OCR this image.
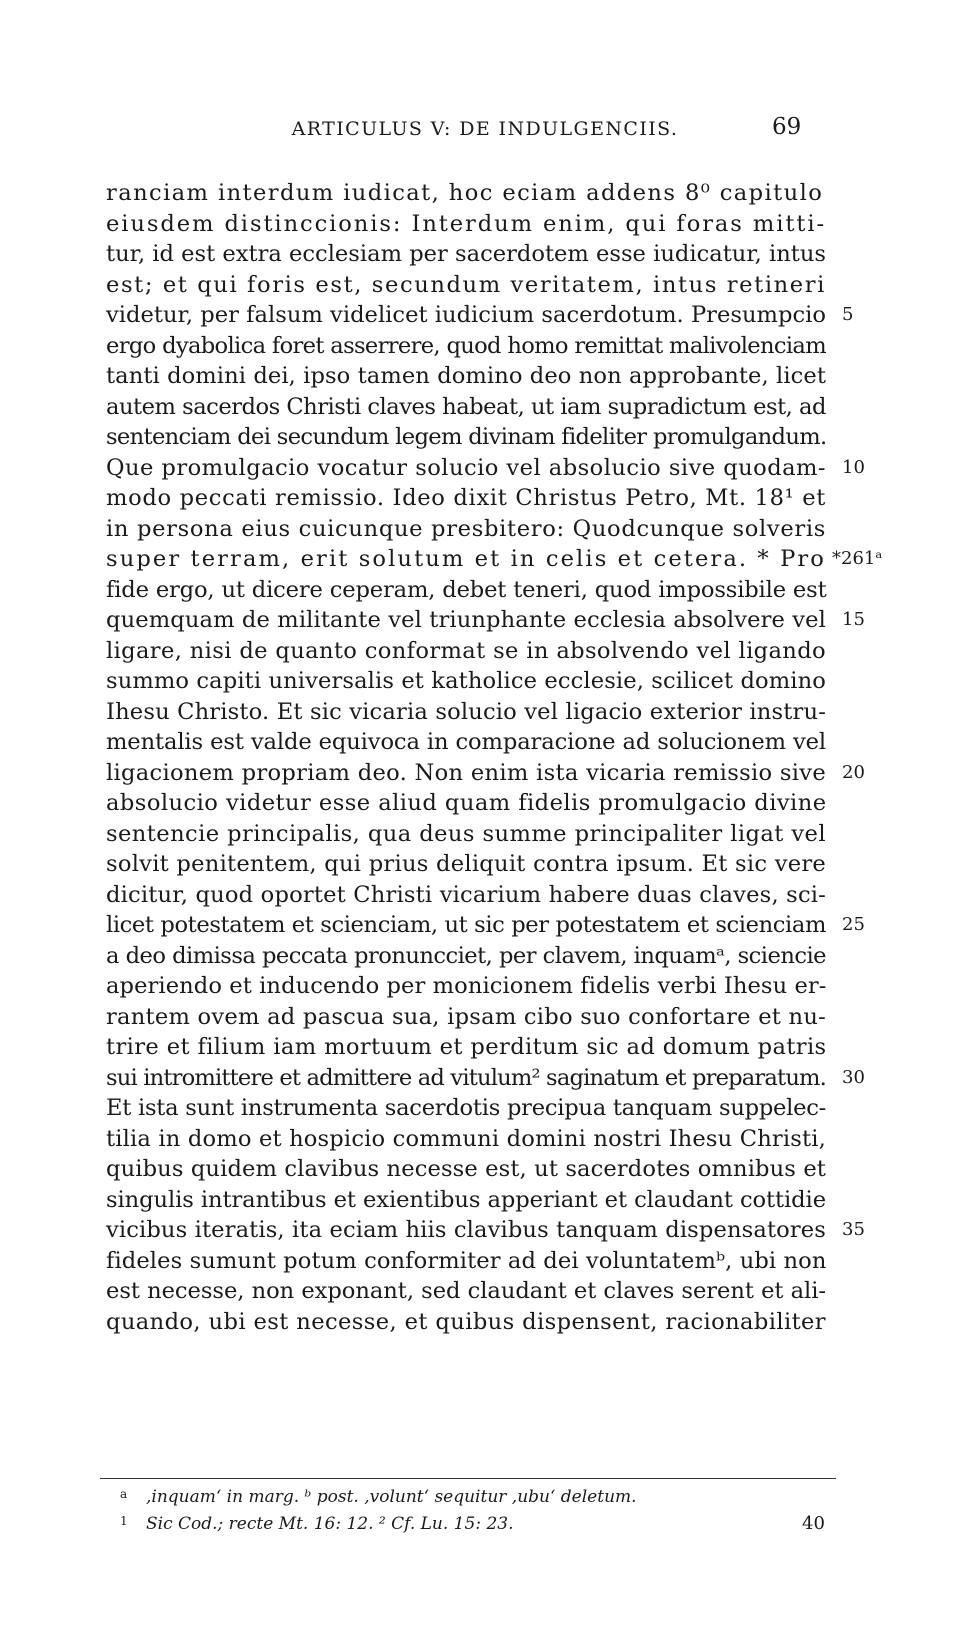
ARTICULUS V: DE INDULGENCIIS.	69
ranciam interdum iudicat, hoc eciam addens 8⁰ capitulo
eiusdem distinccionis: Interdum enim, qui foras mitti-
tur, id est extra ecclesiam per sacerdotem esse iudicatur, intus
est; et qui foris est, secundum veritatem, intus retineri
videtur, per falsum videlicet iudicium sacerdotum. Presumpcio 5
ergo dyabolica foret asserrere, quod homo remittat malivolenciam
tanti domini dei, ipso tamen domino deo non approbante, licet
autem sacerdos Christi claves habeat, ut iam supradictum est, ad
sentenciam dei secundum legem divinam fideliter promulgandum.
Que promulgacio vocatur solucio vel absolucio sive quodam- 10
modo peccati remissio. Ideo dixit Christus Petro, Mt. 18¹ et
in persona eius cuicunque presbitero: Quodcunque solveris
super terram, erit solutum et in celis et cetera. * Pro *261ᵃ
fide ergo, ut dicere ceperam, debet teneri, quod impossibile est
quemquam de militante vel triunphante ecclesia absolvere vel 15
ligare, nisi de quanto conformat se in absolvendo vel ligando
summo capiti universalis et katholice ecclesie, scilicet domino
Ihesu Christo. Et sic vicaria solucio vel ligacio exterior instru-
mentalis est valde equivoca in comparacione ad solucionem vel
ligacionem propriam deo. Non enim ista vicaria remissio sive 20
absolucio videtur esse aliud quam fidelis promulgacio divine
sentencie principalis, qua deus summe principaliter ligat vel
solvit penitentem, qui prius deliquit contra ipsum. Et sic vere
dicitur, quod oportet Christi vicarium habere duas claves, sci-
licet potestatem et scienciam, ut sic per potestatem et scienciam 25
a deo dimissa peccata pronuncciet, per clavem, inquamᵃ, sciencie
aperiendo et inducendo per monicionem fidelis verbi Ihesu er-
rantem ovem ad pascua sua, ipsam cibo suo confortare et nu-
trire et filium iam mortuum et perditum sic ad domum patris
sui intromittere et admittere ad vitulum² saginatum et preparatum. 30
Et ista sunt instrumenta sacerdotis precipua tanquam suppelec-
tilia in domo et hospicio communi domini nostri Ihesu Christi,
quibus quidem clavibus necesse est, ut sacerdotes omnibus et
singulis intrantibus et exientibus apperiant et claudant cottidie
vicibus iteratis, ita eciam hiis clavibus tanquam dispensatores 35
fideles sumunt potum conformiter ad dei voluntatemᵇ, ubi non
est necesse, non exponant, sed claudant et claves serent et ali-
quando, ubi est necesse, et quibus dispensent, racionabiliter
a ,inquam‘ in marg. ᵇ post. ,volunt‘ sequitur ,ubu‘ deletum.
1 Sic Cod.; recte Mt. 16: 12. ² Cf. Lu. 15: 23.	40
